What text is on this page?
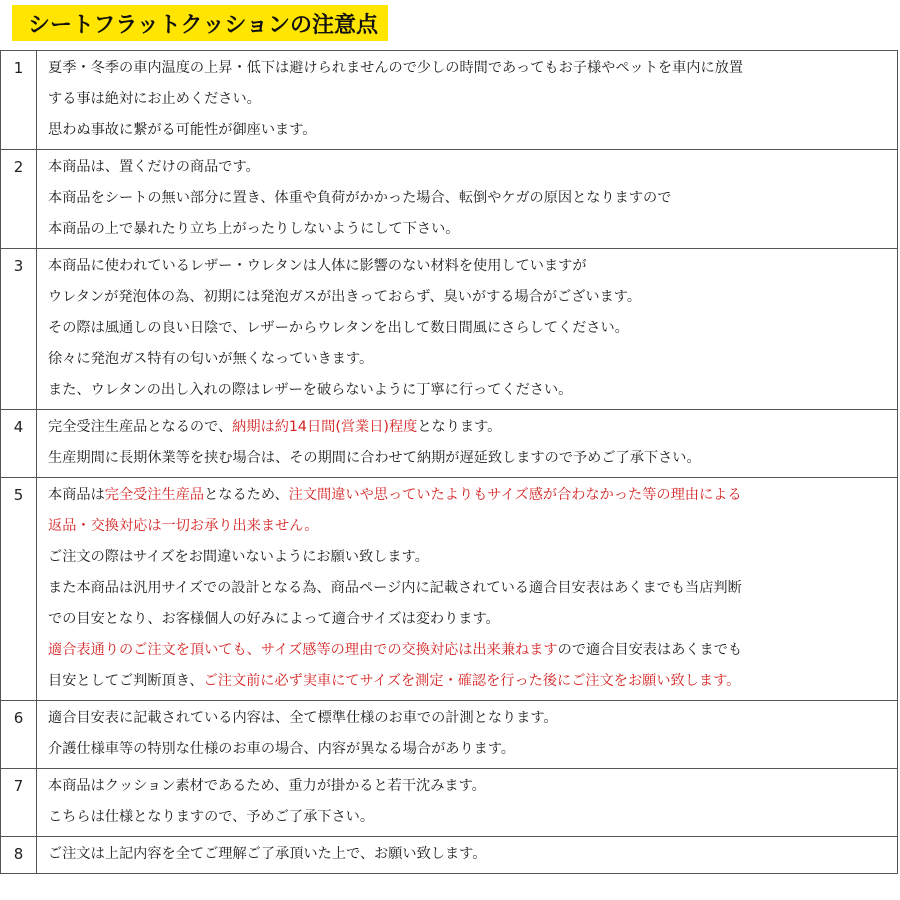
シートフラットクッションの注意点
1	夏季・冬季の車内温度の上昇・低下は避けられませんので少しの時間であってもお子様やペットを車内に放置
する事は絶対にお止めください。
思わぬ事故に繋がる可能性が御座います。

2	本商品は、置くだけの商品です。
本商品をシートの無い部分に置き、体重や負荷がかかった場合、転倒やケガの原因となりますので
本商品の上で暴れたり立ち上がったりしないようにして下さい。

3	本商品に使われているレザー・ウレタンは人体に影響のない材料を使用していますが
ウレタンが発泡体の為、初期には発泡ガスが出きっておらず、臭いがする場合がございます。
その際は風通しの良い日陰で、レザーからウレタンを出して数日間風にさらしてください。
徐々に発泡ガス特有の匂いが無くなっていきます。
また、ウレタンの出し入れの際はレザーを破らないように丁寧に行ってください。

4	完全受注生産品となるので、納期は約14日間(営業日)程度となります。
生産期間に長期休業等を挟む場合は、その期間に合わせて納期が遅延致しますので予めご了承下さい。

5	本商品は完全受注生産品となるため、注文間違いや思っていたよりもサイズ感が合わなかった等の理由による
返品・交換対応は一切お承り出来ません。
ご注文の際はサイズをお間違いないようにお願い致します。
また本商品は汎用サイズでの設計となる為、商品ページ内に記載されている適合目安表はあくまでも当店判断
での目安となり、お客様個人の好みによって適合サイズは変わります。
適合表通りのご注文を頂いても、サイズ感等の理由での交換対応は出来兼ねますので適合目安表はあくまでも
目安としてご判断頂き、ご注文前に必ず実車にてサイズを測定・確認を行った後にご注文をお願い致します。

6	適合目安表に記載されている内容は、全て標準仕様のお車での計測となります。
介護仕様車等の特別な仕様のお車の場合、内容が異なる場合があります。

7	本商品はクッション素材であるため、重力が掛かると若干沈みます。
こちらは仕様となりますので、予めご了承下さい。

8	ご注文は上記内容を全てご理解ご了承頂いた上で、お願い致します。
